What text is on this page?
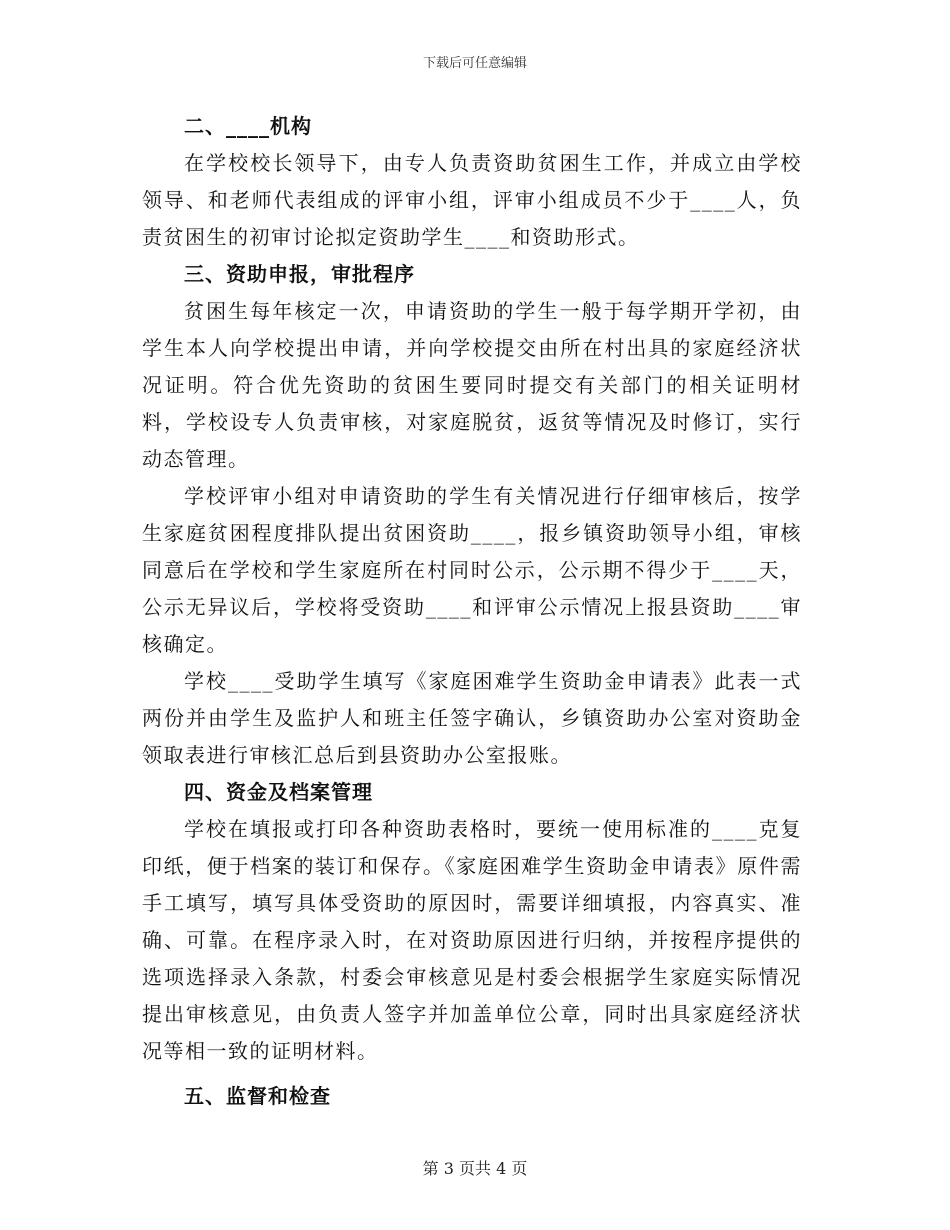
下载后可任意编辑

二、____机构

在学校校长领导下，由专人负责资助贫困生工作，并成立由学校领导、和老师代表组成的评审小组，评审小组成员不少于____人，负责贫困生的初审讨论拟定资助学生____和资助形式。

三、资助申报，审批程序

贫困生每年核定一次，申请资助的学生一般于每学期开学初，由学生本人向学校提出申请，并向学校提交由所在村出具的家庭经济状况证明。符合优先资助的贫困生要同时提交有关部门的相关证明材料，学校设专人负责审核，对家庭脱贫，返贫等情况及时修订，实行动态管理。

学校评审小组对申请资助的学生有关情况进行仔细审核后，按学生家庭贫困程度排队提出贫困资助____，报乡镇资助领导小组，审核同意后在学校和学生家庭所在村同时公示，公示期不得少于____天，公示无异议后，学校将受资助____和评审公示情况上报县资助____审核确定。

学校____受助学生填写《家庭困难学生资助金申请表》此表一式两份并由学生及监护人和班主任签字确认，乡镇资助办公室对资助金领取表进行审核汇总后到县资助办公室报账。

四、资金及档案管理

学校在填报或打印各种资助表格时，要统一使用标准的____克复印纸，便于档案的装订和保存。《家庭困难学生资助金申请表》原件需手工填写，填写具体受资助的原因时，需要详细填报，内容真实、准确、可靠。在程序录入时，在对资助原因进行归纳，并按程序提供的选项选择录入条款，村委会审核意见是村委会根据学生家庭实际情况提出审核意见，由负责人签字并加盖单位公章，同时出具家庭经济状况等相一致的证明材料。

五、监督和检查

第 3 页共 4 页
